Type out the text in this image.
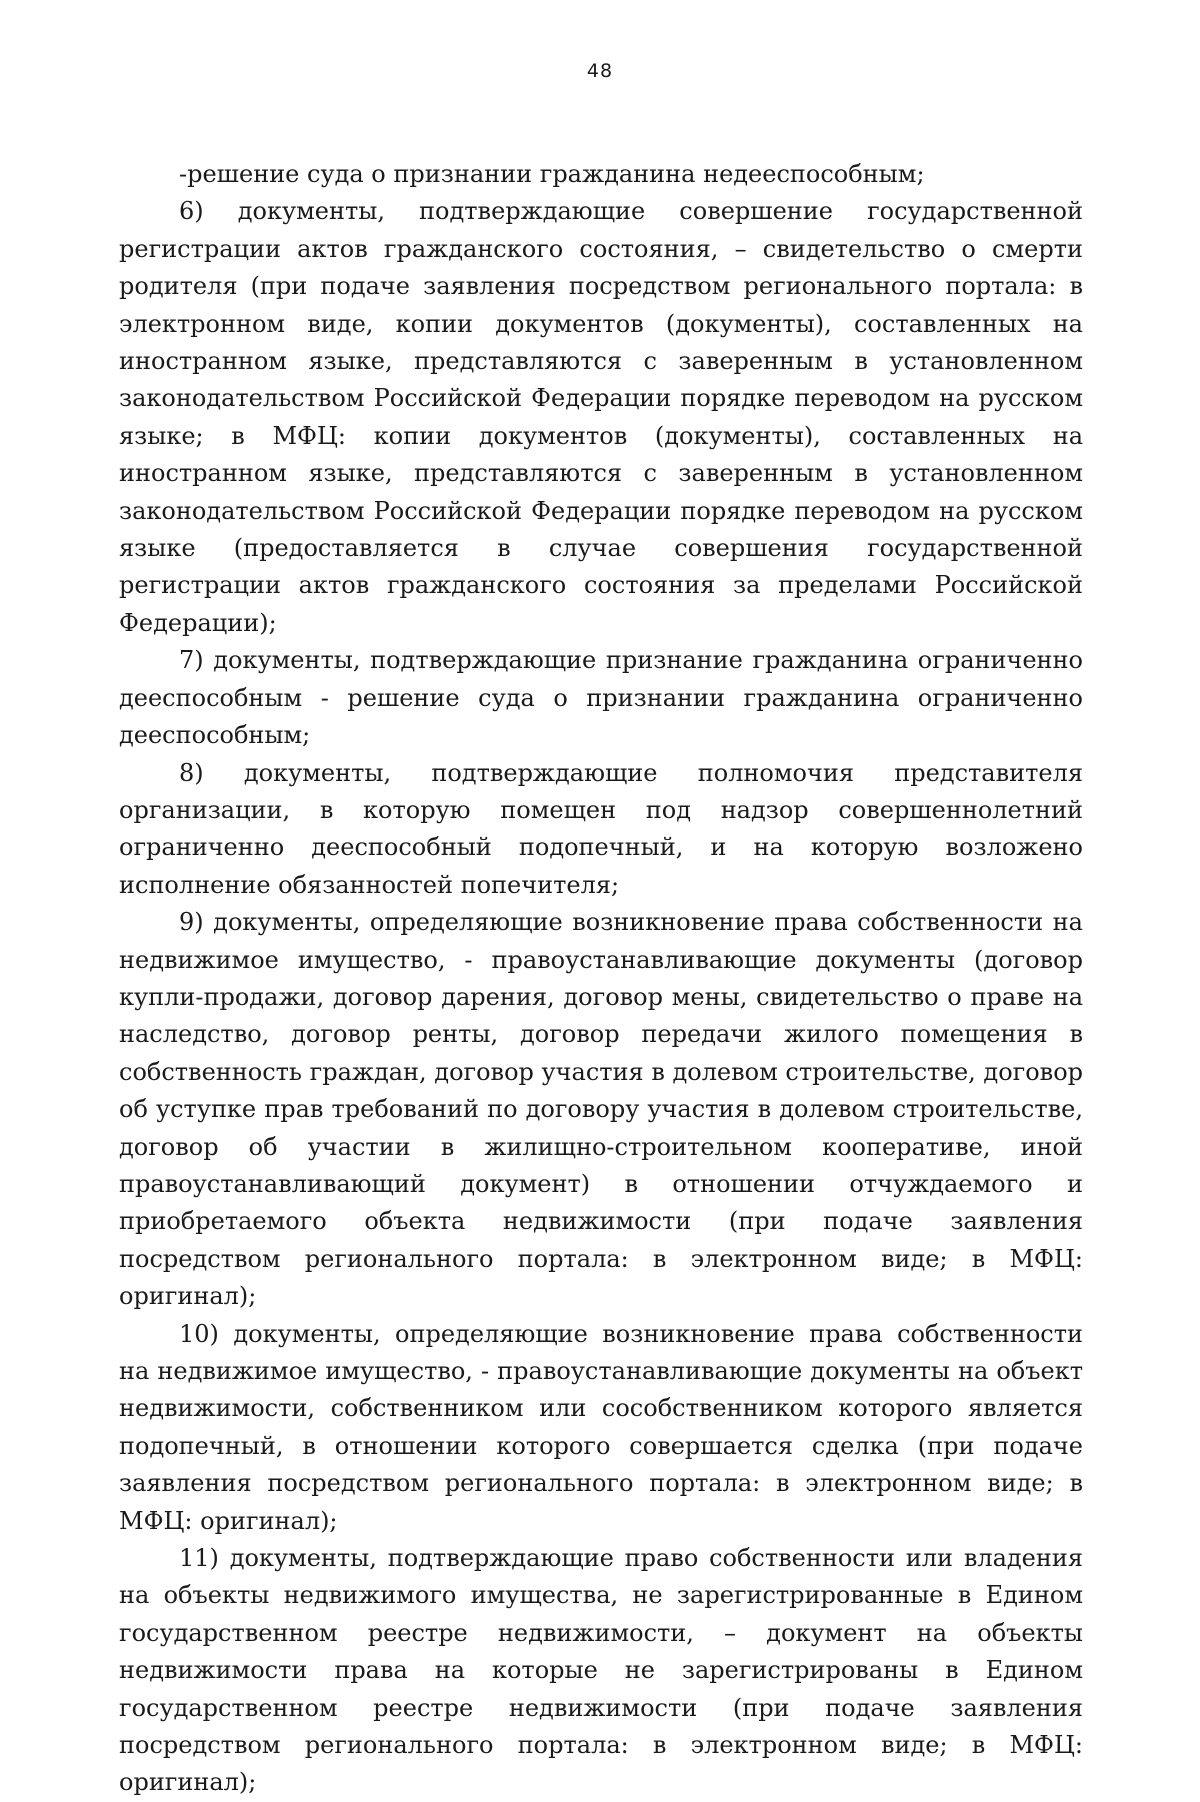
48

-решение суда о признании гражданина недееспособным;

6) документы, подтверждающие совершение государственной регистрации актов гражданского состояния, – свидетельство о смерти родителя (при подаче заявления посредством регионального портала: в электронном виде, копии документов (документы), составленных на иностранном языке, представляются с заверенным в установленном законодательством Российской Федерации порядке переводом на русском языке; в МФЦ: копии документов (документы), составленных на иностранном языке, представляются с заверенным в установленном законодательством Российской Федерации порядке переводом на русском языке (предоставляется в случае совершения государственной регистрации актов гражданского состояния за пределами Российской Федерации);

7) документы, подтверждающие признание гражданина ограниченно дееспособным - решение суда о признании гражданина ограниченно дееспособным;

8) документы, подтверждающие полномочия представителя организации, в которую помещен под надзор совершеннолетний ограниченно дееспособный подопечный, и на которую возложено исполнение обязанностей попечителя;

9) документы, определяющие возникновение права собственности на недвижимое имущество, - правоустанавливающие документы (договор купли-продажи, договор дарения, договор мены, свидетельство о праве на наследство, договор ренты, договор передачи жилого помещения в собственность граждан, договор участия в долевом строительстве, договор об уступке прав требований по договору участия в долевом строительстве, договор об участии в жилищно-строительном кооперативе, иной правоустанавливающий документ) в отношении отчуждаемого и приобретаемого объекта недвижимости (при подаче заявления посредством регионального портала: в электронном виде; в МФЦ: оригинал);

10) документы, определяющие возникновение права собственности на недвижимое имущество, - правоустанавливающие документы на объект недвижимости, собственником или сособственником которого является подопечный, в отношении которого совершается сделка (при подаче заявления посредством регионального портала: в электронном виде; в МФЦ: оригинал);

11) документы, подтверждающие право собственности или владения на объекты недвижимого имущества, не зарегистрированные в Едином государственном реестре недвижимости, – документ на объекты недвижимости права на которые не зарегистрированы в Едином государственном реестре недвижимости (при подаче заявления посредством регионального портала: в электронном виде; в МФЦ: оригинал);
